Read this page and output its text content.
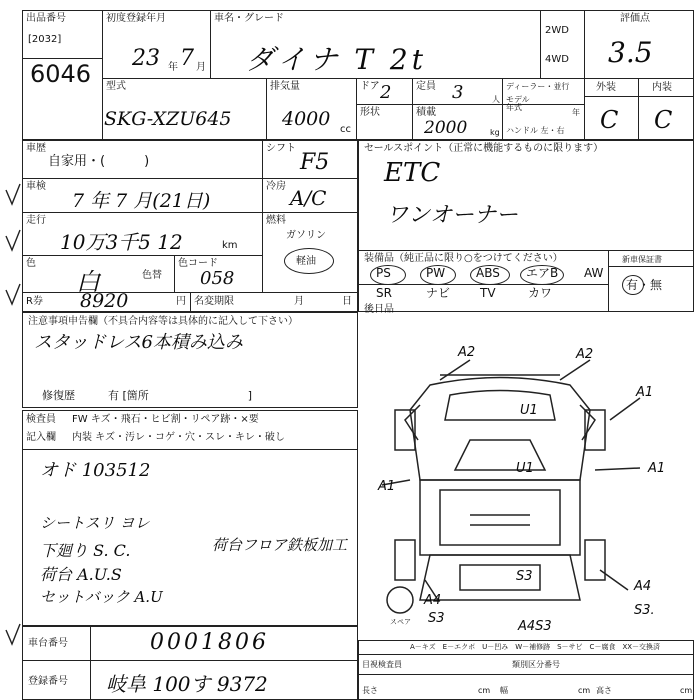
出品番号
[2032]
6046
初度登録年月
23 年 7 月
車名・グレード
ダイナ T 2t
2WD
4WD
評価点
3.5
型式
SKG-XZU645
排気量
4000 cc
ドア 2 定員 3	人
ディーラー・並行
モデル年式
年
ハンドル 左・右
形状	積載
2000	kg
外装	内装
C C
車歴
自家用・(　　　)
シフト
F5
車検
7 年 7 月(21日)
冷房 A/C
走行
10万3千5 12	km
燃料
ガソリン
軽油
色
白	色替
色コード
058
R券 8920	円 名変期限	月	日
セールスポイント（正常に機能するものに限ります）
ETC
ワンオーナー
装備品（純正品に限り○をつけてください）	新車保証書
有・無
PS	PW	ABS エアB AW
SR	ナビ TV	カワ
注意事項申告欄（不具合内容等は具体的に記入して下さい）
スタッドレス6本積み込み
修復歴	有 [箇所　　　　　　　　　]
後日品
検査員
記入欄
FW キズ・飛石・ヒビ割・リペア跡・×要
内装 キズ・汚レ・コゲ・穴・スレ・キレ・破し
オド 103512
シートスリ ヨレ
下廻り S. C.
荷台 A.U.S
セットバック A.U
荷台フロア鉄板加工
A2	A2
A1
A1
A1
U1
U1
S3
A4
S3.
A4
S3
A4S3
スペア
車台番号	0001806
登録番号 岐阜 100す 9372
A－キズ　E－エクボ　U－凹み　W－補修跡　S－サビ　C－腐食　XX－交換済
目視検査員	類別区分番号
長さ	cm 幅	cm 高さ	cm
